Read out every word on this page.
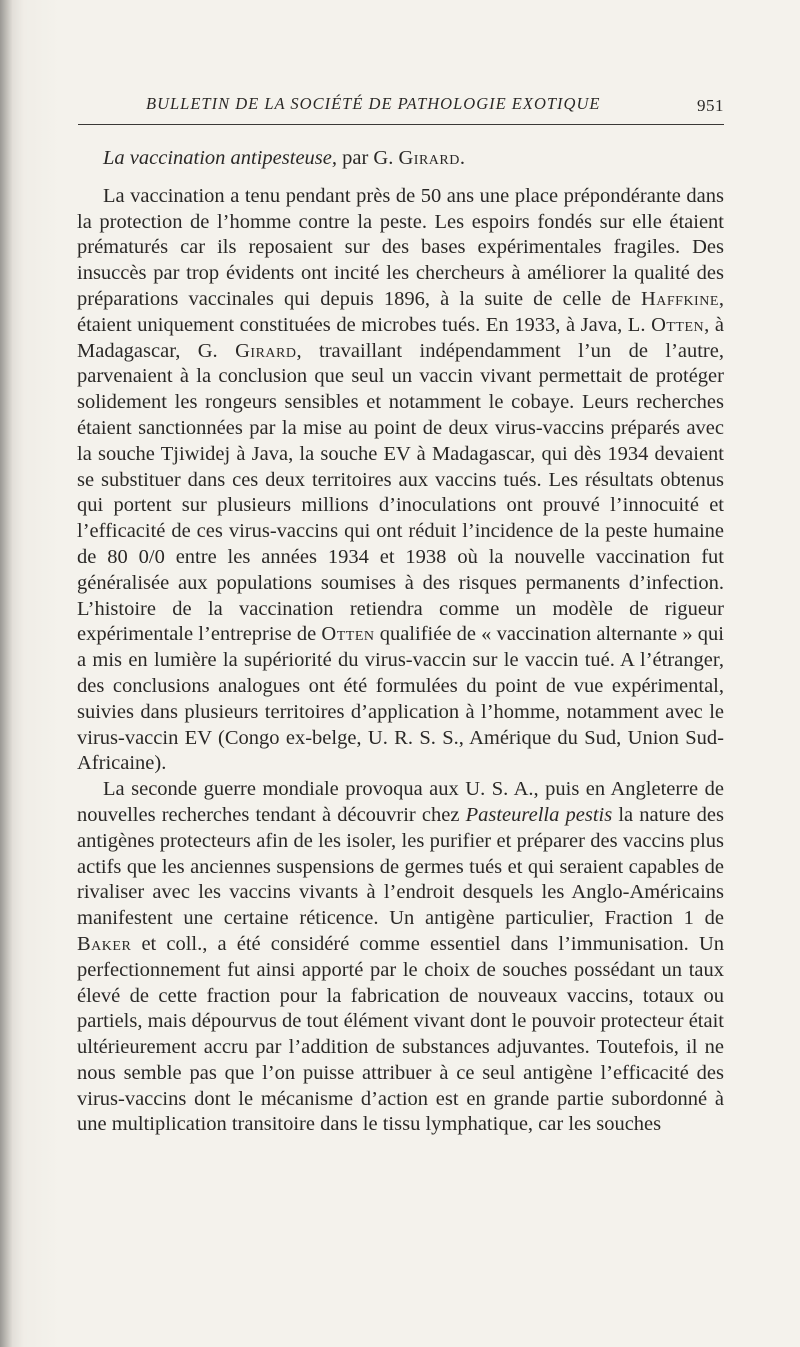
BULLETIN DE LA SOCIÉTÉ DE PATHOLOGIE EXOTIQUE	951

La vaccination antipesteuse, par G. Girard.

La vaccination a tenu pendant près de 50 ans une place prépondérante dans la protection de l’homme contre la peste. Les espoirs fondés sur elle étaient prématurés car ils reposaient sur des bases expérimentales fragiles. Des insuccès par trop évidents ont incité les chercheurs à améliorer la qualité des préparations vaccinales qui depuis 1896, à la suite de celle de Haffkine, étaient uniquement constituées de microbes tués. En 1933, à Java, L. Otten, à Madagascar, G. Girard, travaillant indépendamment l’un de l’autre, parvenaient à la conclusion que seul un vaccin vivant permettait de protéger solidement les rongeurs sensibles et notamment le cobaye. Leurs recherches étaient sanctionnées par la mise au point de deux virus-vaccins préparés avec la souche Tjiwidej à Java, la souche EV à Madagascar, qui dès 1934 devaient se substituer dans ces deux territoires aux vaccins tués. Les résultats obtenus qui portent sur plusieurs millions d’inoculations ont prouvé l’innocuité et l’efficacité de ces virus-vaccins qui ont réduit l’incidence de la peste humaine de 80 0/0 entre les années 1934 et 1938 où la nouvelle vaccination fut généralisée aux populations soumises à des risques permanents d’infection. L’histoire de la vaccination retiendra comme un modèle de rigueur expérimentale l’entreprise de Otten qualifiée de « vaccination alternante » qui a mis en lumière la supériorité du virus-vaccin sur le vaccin tué. A l’étranger, des conclusions analogues ont été formulées du point de vue expérimental, suivies dans plusieurs territoires d’application à l’homme, notamment avec le virus-vaccin EV (Congo ex-belge, U. R. S. S., Amérique du Sud, Union Sud-Africaine).

La seconde guerre mondiale provoqua aux U. S. A., puis en Angleterre de nouvelles recherches tendant à découvrir chez Pasteurella pestis la nature des antigènes protecteurs afin de les isoler, les purifier et préparer des vaccins plus actifs que les anciennes suspensions de germes tués et qui seraient capables de rivaliser avec les vaccins vivants à l’endroit desquels les Anglo-Américains manifestent une certaine réticence. Un antigène particulier, Fraction 1 de Baker et coll., a été considéré comme essentiel dans l’immunisation. Un perfectionnement fut ainsi apporté par le choix de souches possédant un taux élevé de cette fraction pour la fabrication de nouveaux vaccins, totaux ou partiels, mais dépourvus de tout élément vivant dont le pouvoir protecteur était ultérieurement accru par l’addition de substances adjuvantes. Toutefois, il ne nous semble pas que l’on puisse attribuer à ce seul antigène l’efficacité des virus-vaccins dont le mécanisme d’action est en grande partie subordonné à une multiplication transitoire dans le tissu lymphatique, car les souches
